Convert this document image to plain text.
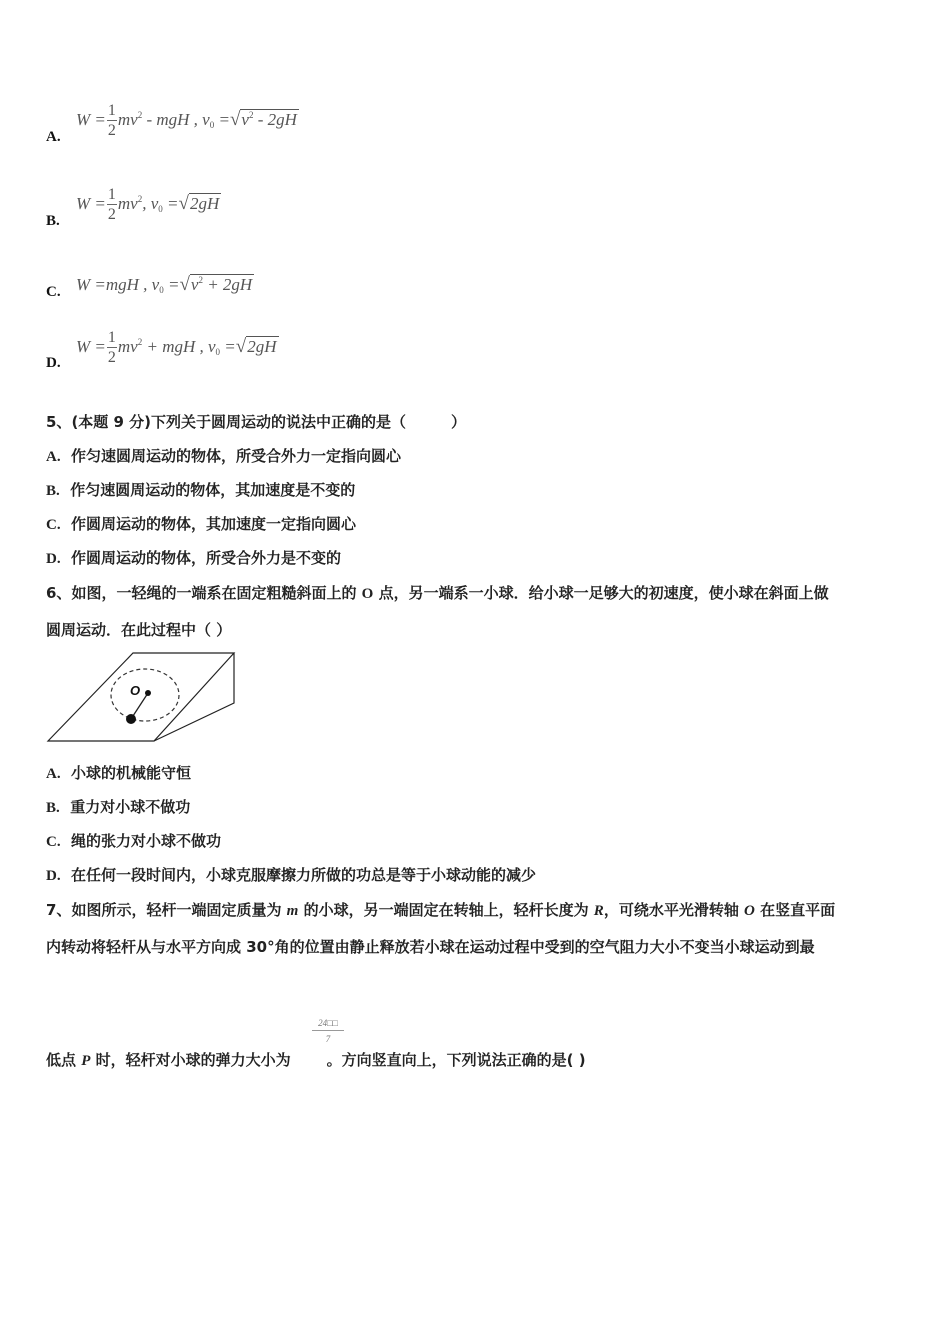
A.
$W = \frac{1}{2} mv^2$ - mgH , $v_0 =√v^2 - 2gH$
B.
$W = \frac{1}{2} mv^2$, $v_0 =√2gH$
C. W =mgH , $v_0 =√v^2 + 2gH$
D.
$W = \frac{1}{2} mv^2$ + mgH , $v_0 =√2gH$
5、(本题 9 分)下列关于圆周运动的说法中正确的是（　　　）
A. 作匀速圆周运动的物体，所受合外力一定指向圆心
B. 作匀速圆周运动的物体，其加速度是不变的
C. 作圆周运动的物体，其加速度一定指向圆心
D. 作圆周运动的物体，所受合外力是不变的
6、如图，一轻绳的一端系在固定粗糙斜面上的 O 点，另一端系一小球．给小球一足够大的初速度，使小球在斜面上做
圆周运动．在此过程中（ ）
O
A. 小球的机械能守恒
B. 重力对小球不做功
C. 绳的张力对小球不做功
D. 在任何一段时间内，小球克服摩擦力所做的功总是等于小球动能的减少
7、如图所示，轻杆一端固定质量为 m 的小球，另一端固定在转轴上，轻杆长度为 R，可绕水平光滑转轴 O 在竖直平面
内转动将轻杆从与水平方向成 30°角的位置由静止释放若小球在运动过程中受到的空气阻力大小不变当小球运动到最
$\frac{24□□}{7}$
低点 P 时，轻杆对小球的弹力大小为 。方向竖直向上，下列说法正确的是( )
